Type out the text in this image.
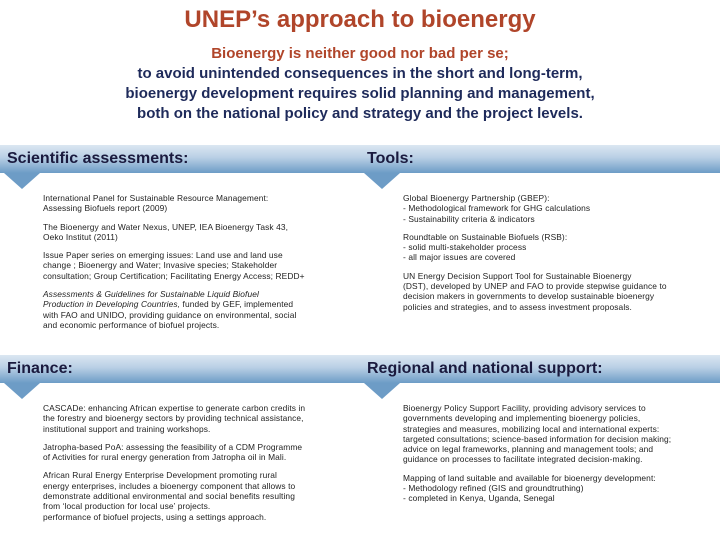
UNEP’s approach to bioenergy
Bioenergy is neither good nor bad per se;
to avoid unintended consequences in the short and long-term,
bioenergy development requires solid planning and management,
both on the national policy and strategy and the project levels.
Scientific assessments:	Tools:

International Panel for Sustainable Resource Management:
Assessing Biofuels report (2009)

The Bioenergy and Water Nexus, UNEP, IEA Bioenergy Task 43,
Oeko Institut (2011)

Issue Paper series on emerging issues: Land use and land use
change ; Bioenergy and Water; Invasive species; Stakeholder
consultation; Group Certification; Facilitating Energy Access; REDD+

Assessments & Guidelines for Sustainable Liquid Biofuel
Production in Developing Countries, funded by GEF, implemented
with FAO and UNIDO, providing guidance on environmental, social
and economic performance of biofuel projects.

Global Bioenergy Partnership (GBEP):
- Methodological framework for GHG calculations
- Sustainability criteria & indicators

Roundtable on Sustainable Biofuels (RSB):
- solid multi-stakeholder process
- all major issues are covered

UN Energy Decision Support Tool for Sustainable Bioenergy
(DST), developed by UNEP and FAO to provide stepwise guidance to
decision makers in governments to develop sustainable bioenergy
policies and strategies, and to assess investment proposals.

Finance:	Regional and national support:

CASCADe: enhancing African expertise to generate carbon credits in
the forestry and bioenergy sectors by providing technical assistance,
institutional support and training workshops.

Jatropha-based PoA: assessing the feasibility of a CDM Programme
of Activities for rural energy generation from Jatropha oil in Mali.

African Rural Energy Enterprise Development promoting rural
energy enterprises, includes a bioenergy component that allows to
demonstrate additional environmental and social benefits resulting
from ‘local production for local use’ projects.
performance of biofuel projects, using a settings approach.

Bioenergy Policy Support Facility, providing advisory services to
governments developing and implementing bioenergy policies,
strategies and measures, mobilizing local and international experts:
targeted consultations; science-based information for decision making;
advice on legal frameworks, planning and management tools; and
guidance on processes to facilitate integrated decision-making.

Mapping of land suitable and available for bioenergy development:
- Methodology refined (GIS and groundtruthing)
- completed in Kenya, Uganda, Senegal
